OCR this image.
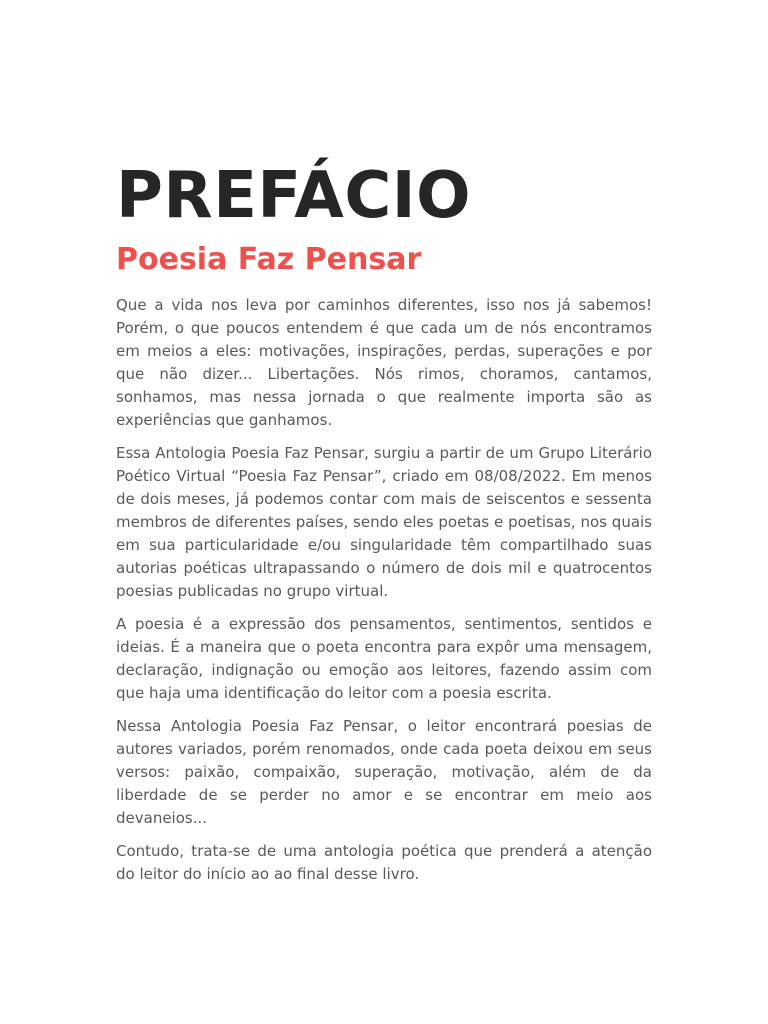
PREFÁCIO
Poesia Faz Pensar

Que a vida nos leva por caminhos diferentes, isso nos já sabemos! Porém, o que poucos entendem é que cada um de nós encontramos em meios a eles: motivações, inspirações, perdas, superações e por que não dizer... Libertações. Nós rimos, choramos, cantamos, sonhamos, mas nessa jornada o que realmente importa são as experiências que ganhamos.

Essa Antologia Poesia Faz Pensar, surgiu a partir de um Grupo Literário Poético Virtual “Poesia Faz Pensar”, criado em 08/08/2022. Em menos de dois meses, já podemos contar com mais de seiscentos e sessenta membros de diferentes países, sendo eles poetas e poetisas, nos quais em sua particularidade e/ou singularidade têm compartilhado suas autorias poéticas ultrapassando o número de dois mil e quatrocentos poesias publicadas no grupo virtual.

A poesia é a expressão dos pensamentos, sentimentos, sentidos e ideias. É a maneira que o poeta encontra para expôr uma mensagem, declaração, indignação ou emoção aos leitores, fazendo assim com que haja uma identificação do leitor com a poesia escrita.

Nessa Antologia Poesia Faz Pensar, o leitor encontrará poesias de autores variados, porém renomados, onde cada poeta deixou em seus versos: paixão, compaixão, superação, motivação, além de da liberdade de se perder no amor e se encontrar em meio aos devaneios...

Contudo, trata-se de uma antologia poética que prenderá a atenção do leitor do início ao ao final desse livro.
